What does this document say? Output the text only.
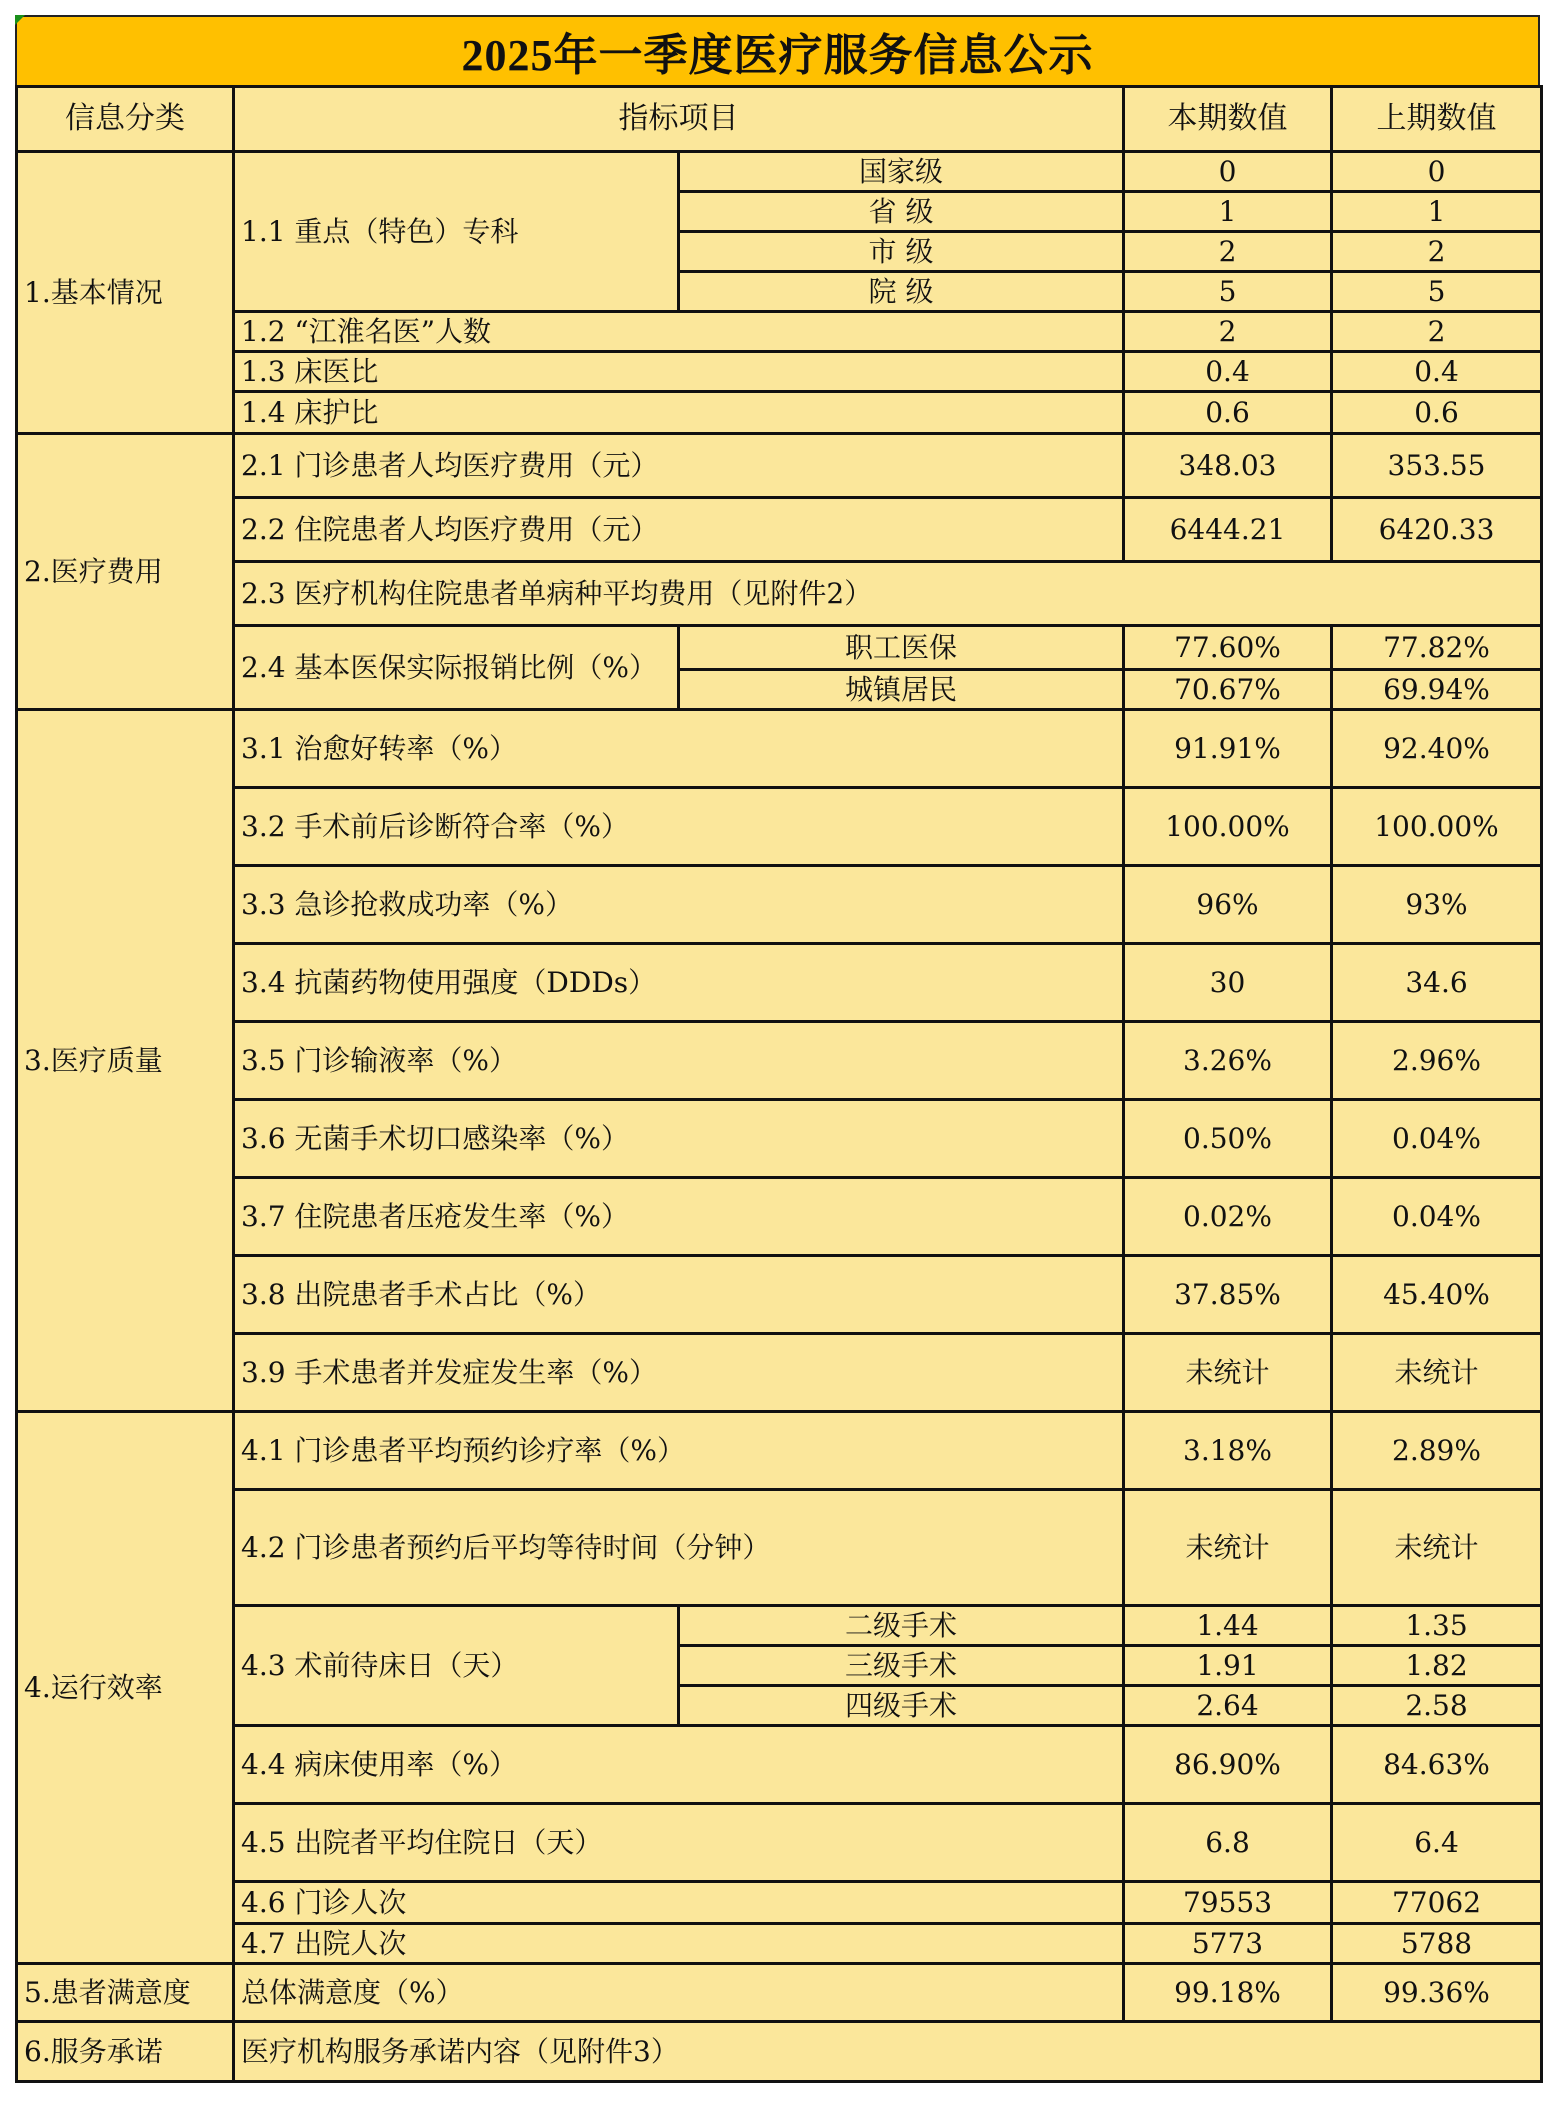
2025年一季度医疗服务信息公示
信息分类	指标项目		本期数值	上期数值
1.基本情况	1.1 重点（特色）专科	国家级	0	0
		省 级	1	1
		市 级	2	2
		院 级	5	5
	1.2 “江淮名医”人数		2	2
	1.3 床医比		0.4	0.4
	1.4 床护比		0.6	0.6
2.医疗费用	2.1 门诊患者人均医疗费用（元）		348.03	353.55
	2.2 住院患者人均医疗费用（元）		6444.21	6420.33
	2.3 医疗机构住院患者单病种平均费用（见附件2）			
	2.4 基本医保实际报销比例（%）	职工医保	77.60%	77.82%
		城镇居民	70.67%	69.94%
3.医疗质量	3.1 治愈好转率（%）		91.91%	92.40%
	3.2 手术前后诊断符合率（%）		100.00%	100.00%
	3.3 急诊抢救成功率（%）		96%	93%
	3.4 抗菌药物使用强度（DDDs）		30	34.6
	3.5 门诊输液率（%）		3.26%	2.96%
	3.6 无菌手术切口感染率（%）		0.50%	0.04%
	3.7 住院患者压疮发生率（%）		0.02%	0.04%
	3.8 出院患者手术占比（%）		37.85%	45.40%
	3.9 手术患者并发症发生率（%）		未统计	未统计
4.运行效率	4.1 门诊患者平均预约诊疗率（%）		3.18%	2.89%
	4.2 门诊患者预约后平均等待时间（分钟）		未统计	未统计
	4.3 术前待床日（天）	二级手术	1.44	1.35
		三级手术	1.91	1.82
		四级手术	2.64	2.58
	4.4 病床使用率（%）		86.90%	84.63%
	4.5 出院者平均住院日（天）		6.8	6.4
	4.6 门诊人次		79553	77062
	4.7 出院人次		5773	5788
5.患者满意度	总体满意度（%）		99.18%	99.36%
6.服务承诺	医疗机构服务承诺内容（见附件3）			
